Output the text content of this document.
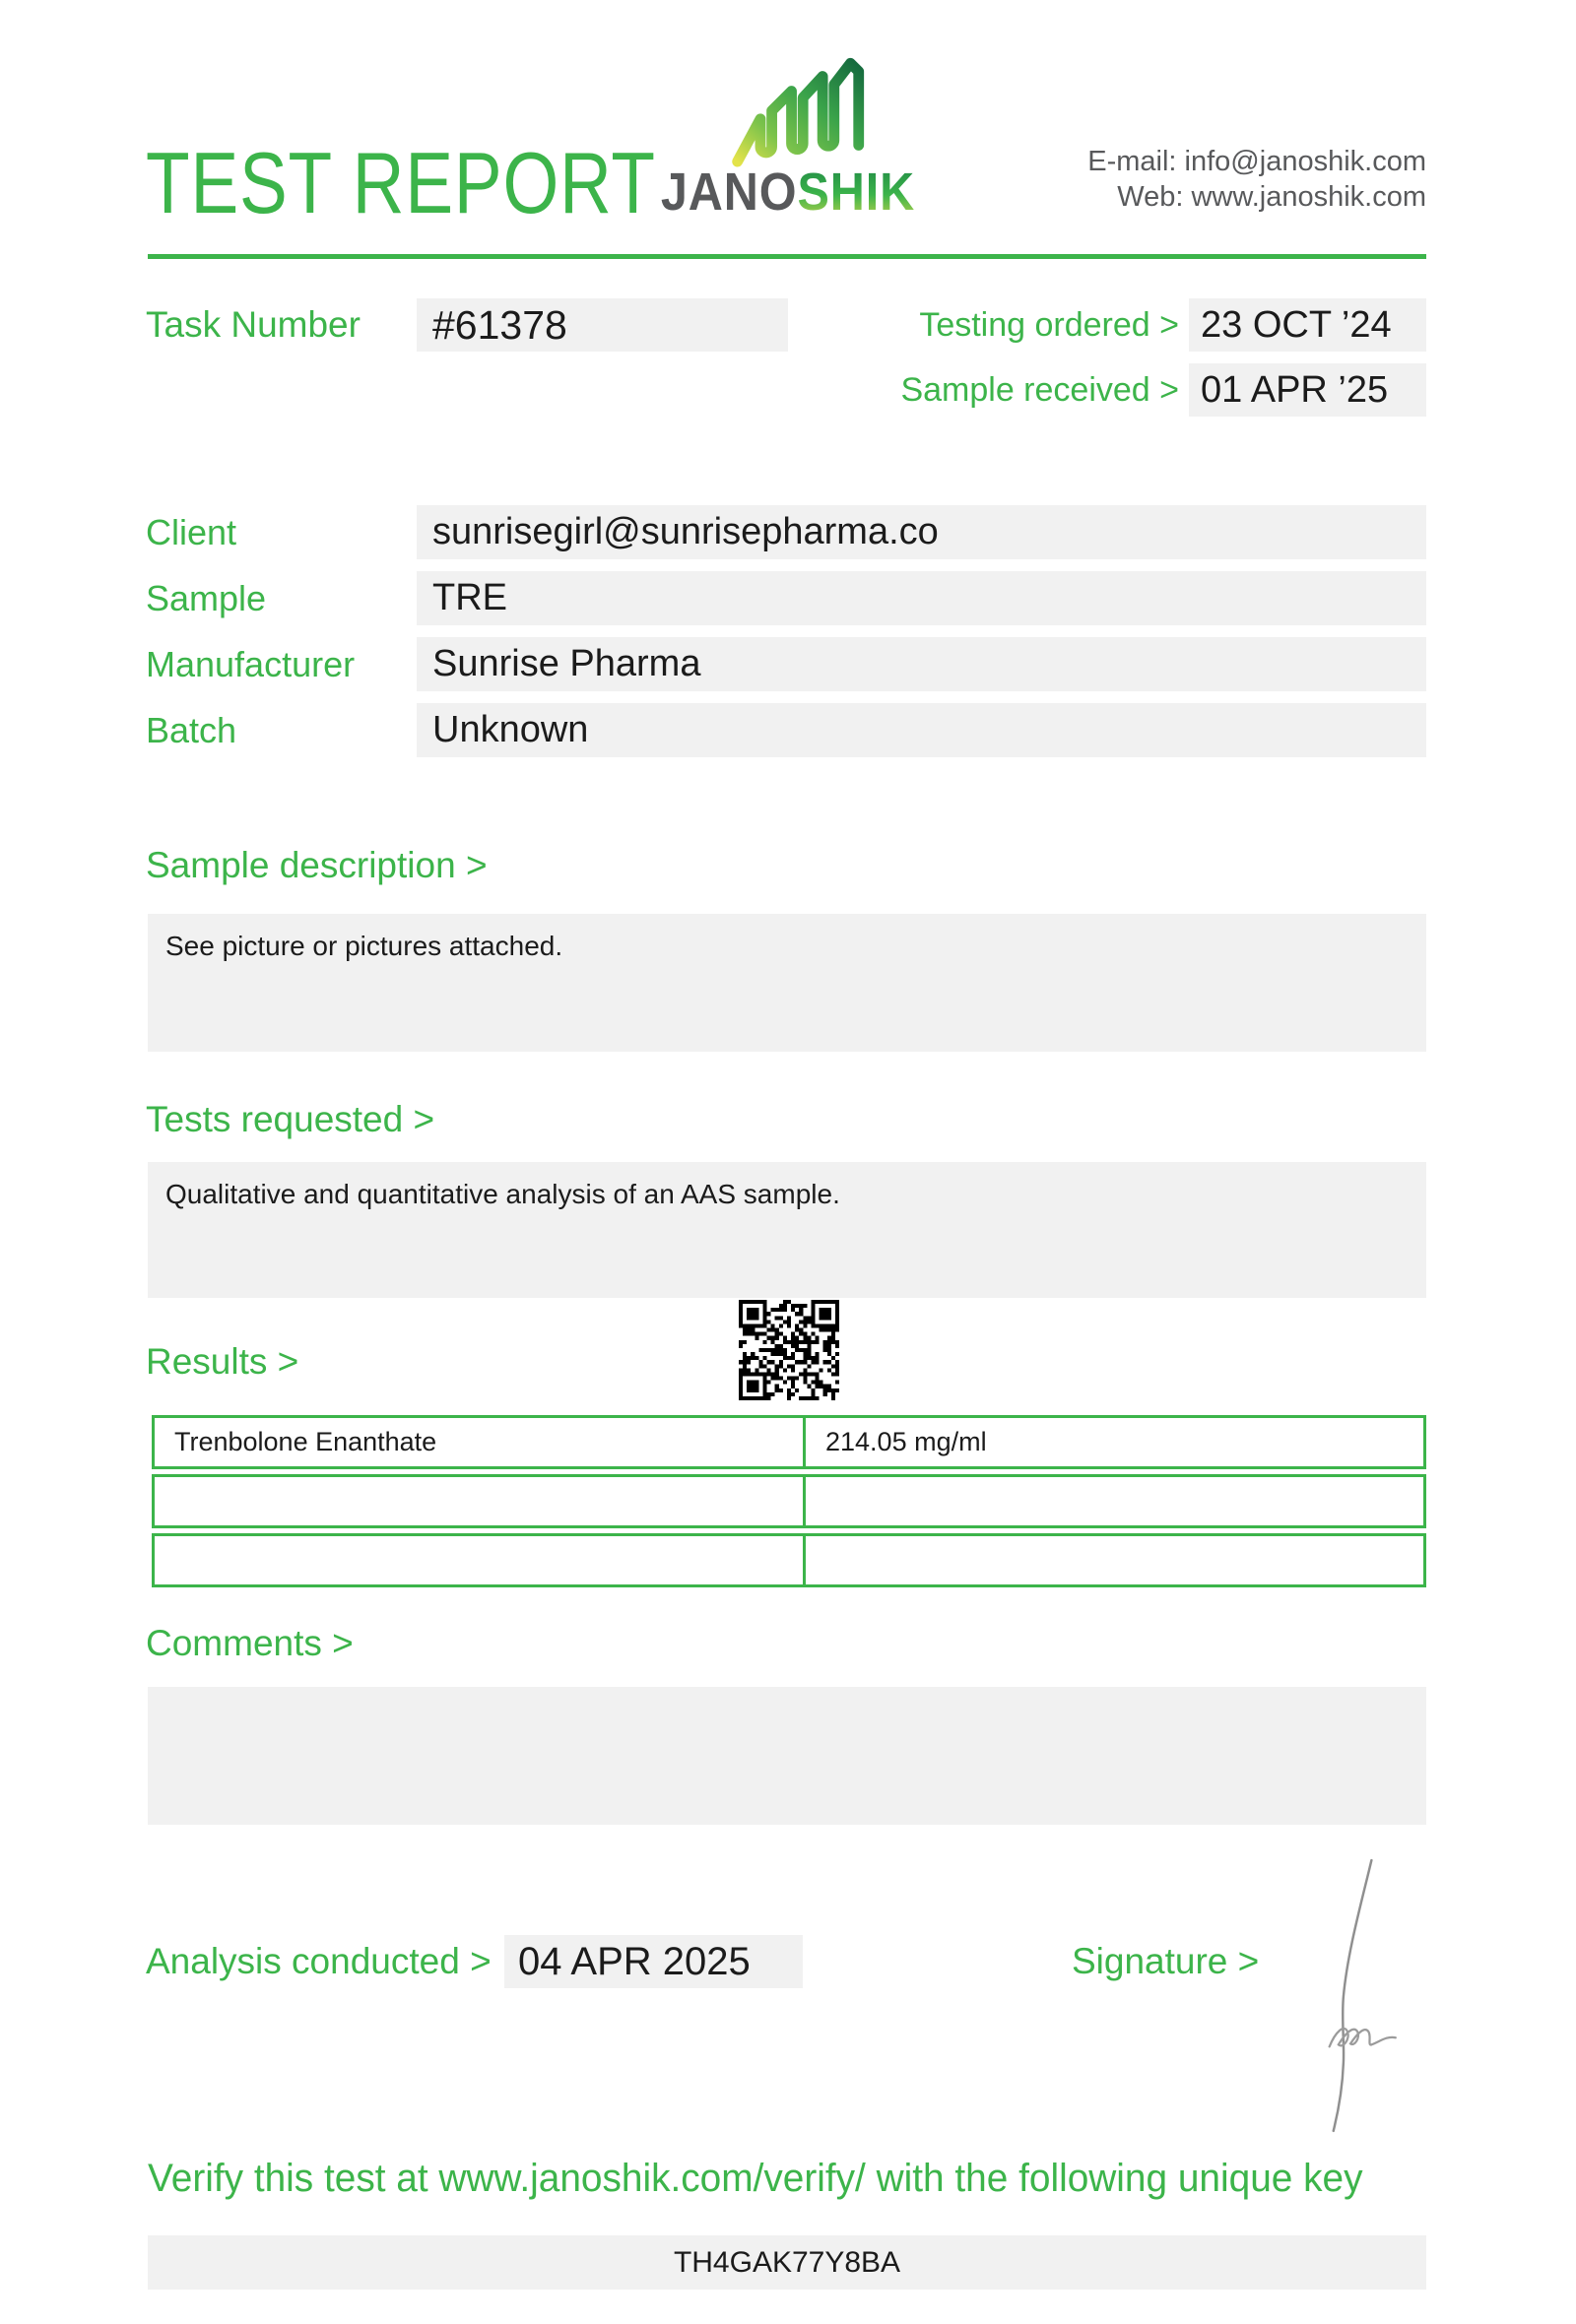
TEST REPORT JANOSHIK
E-mail: info@janoshik.com
Web: www.janoshik.com
Task Number	#61378	Testing ordered > 23 OCT ’24
Sample received > 01 APR ’25
Client	sunrisegirl@sunrisepharma.co
Sample	TRE
Manufacturer	Sunrise Pharma
Batch	Unknown
Sample description >
See picture or pictures attached.
Tests requested >
Qualitative and quantitative analysis of an AAS sample.
Results >
Trenbolone Enanthate	214.05 mg/ml
Comments >
Analysis conducted > 04 APR 2025	Signature >
Verify this test at www.janoshik.com/verify/ with the following unique key
TH4GAK77Y8BA
